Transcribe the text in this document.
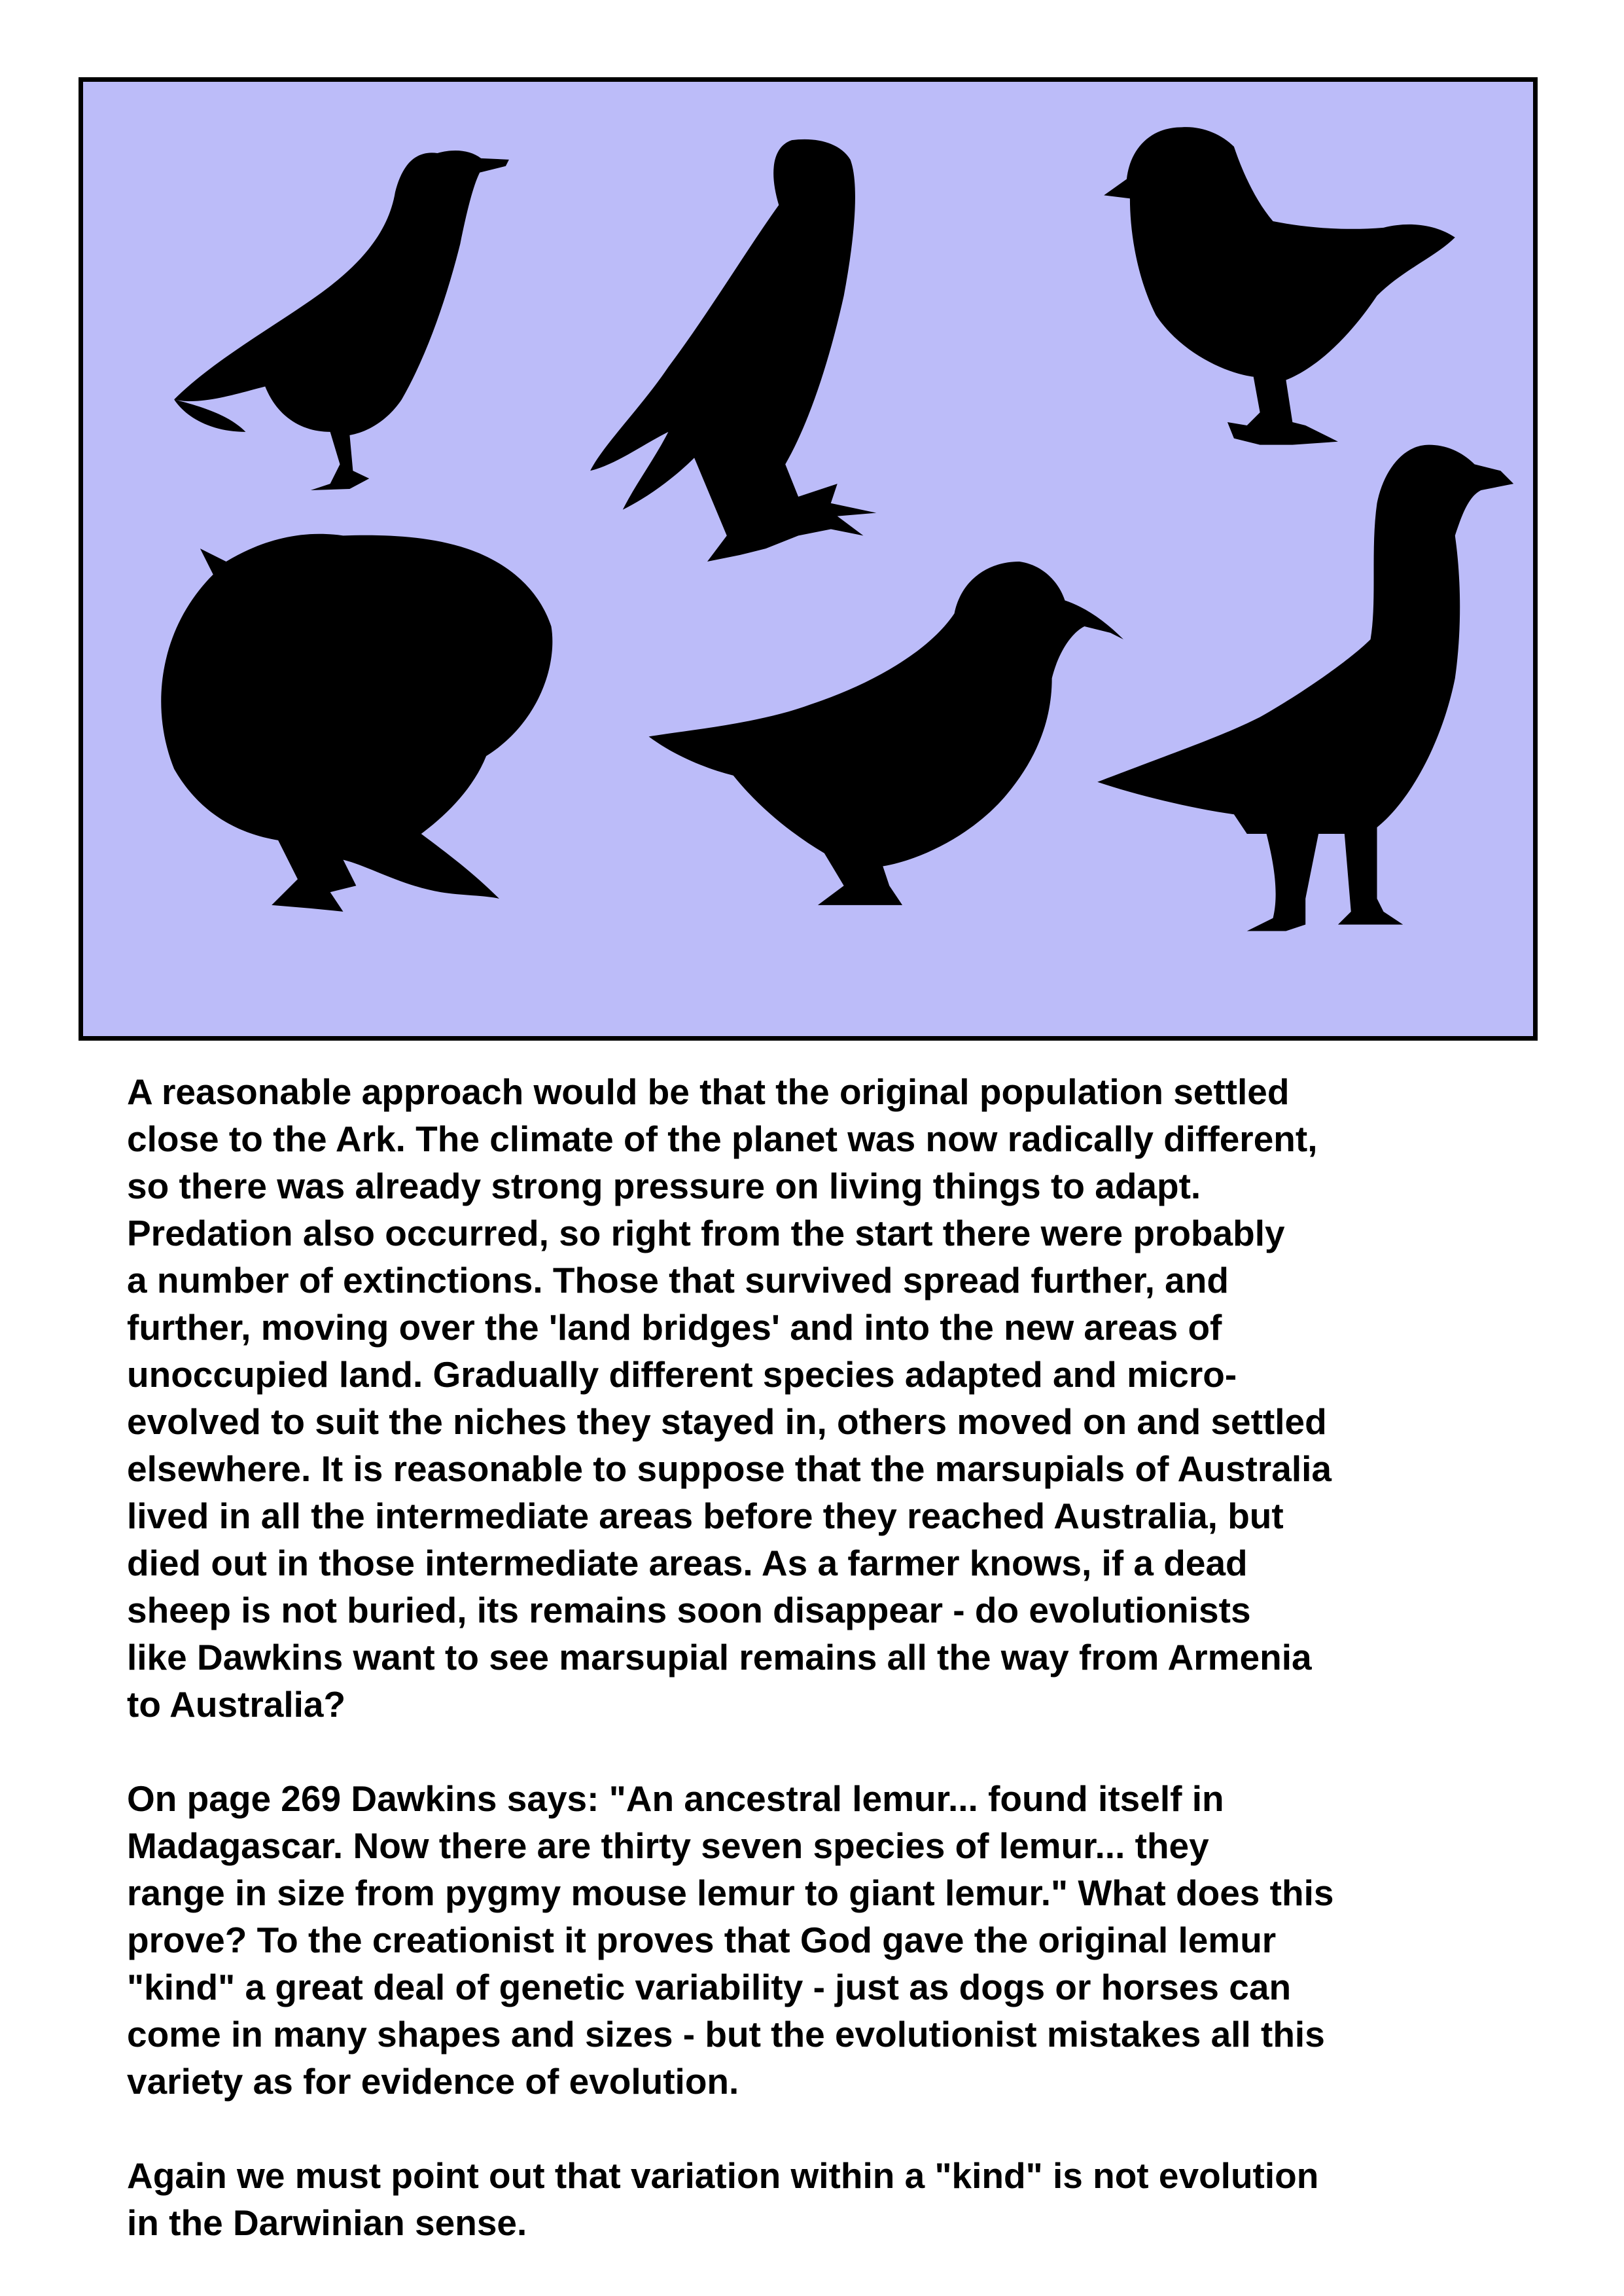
A reasonable approach would be that the original population settled
close to the Ark. The climate of the planet was now radically different,
so there was already strong pressure on living things to adapt.
Predation also occurred, so right from the start there were probably
a number of extinctions. Those that survived spread further, and
further, moving over the 'land bridges' and into the new areas of
unoccupied land. Gradually different species adapted and micro-
evolved to suit the niches they stayed in, others moved on and settled
elsewhere. It is reasonable to suppose that the marsupials of Australia
lived in all the intermediate areas before they reached Australia, but
died out in those intermediate areas. As a farmer knows, if a dead
sheep is not buried, its remains soon disappear - do evolutionists
like Dawkins want to see marsupial remains all the way from Armenia
to Australia?
On page 269 Dawkins says: "An ancestral lemur... found itself in
Madagascar. Now there are thirty seven species of lemur... they
range in size from pygmy mouse lemur to giant lemur." What does this
prove? To the creationist it proves that God gave the original lemur
"kind" a great deal of genetic variability - just as dogs or horses can
come in many shapes and sizes - but the evolutionist mistakes all this
variety as for evidence of evolution.
Again we must point out that variation within a "kind" is not evolution
in the Darwinian sense.
